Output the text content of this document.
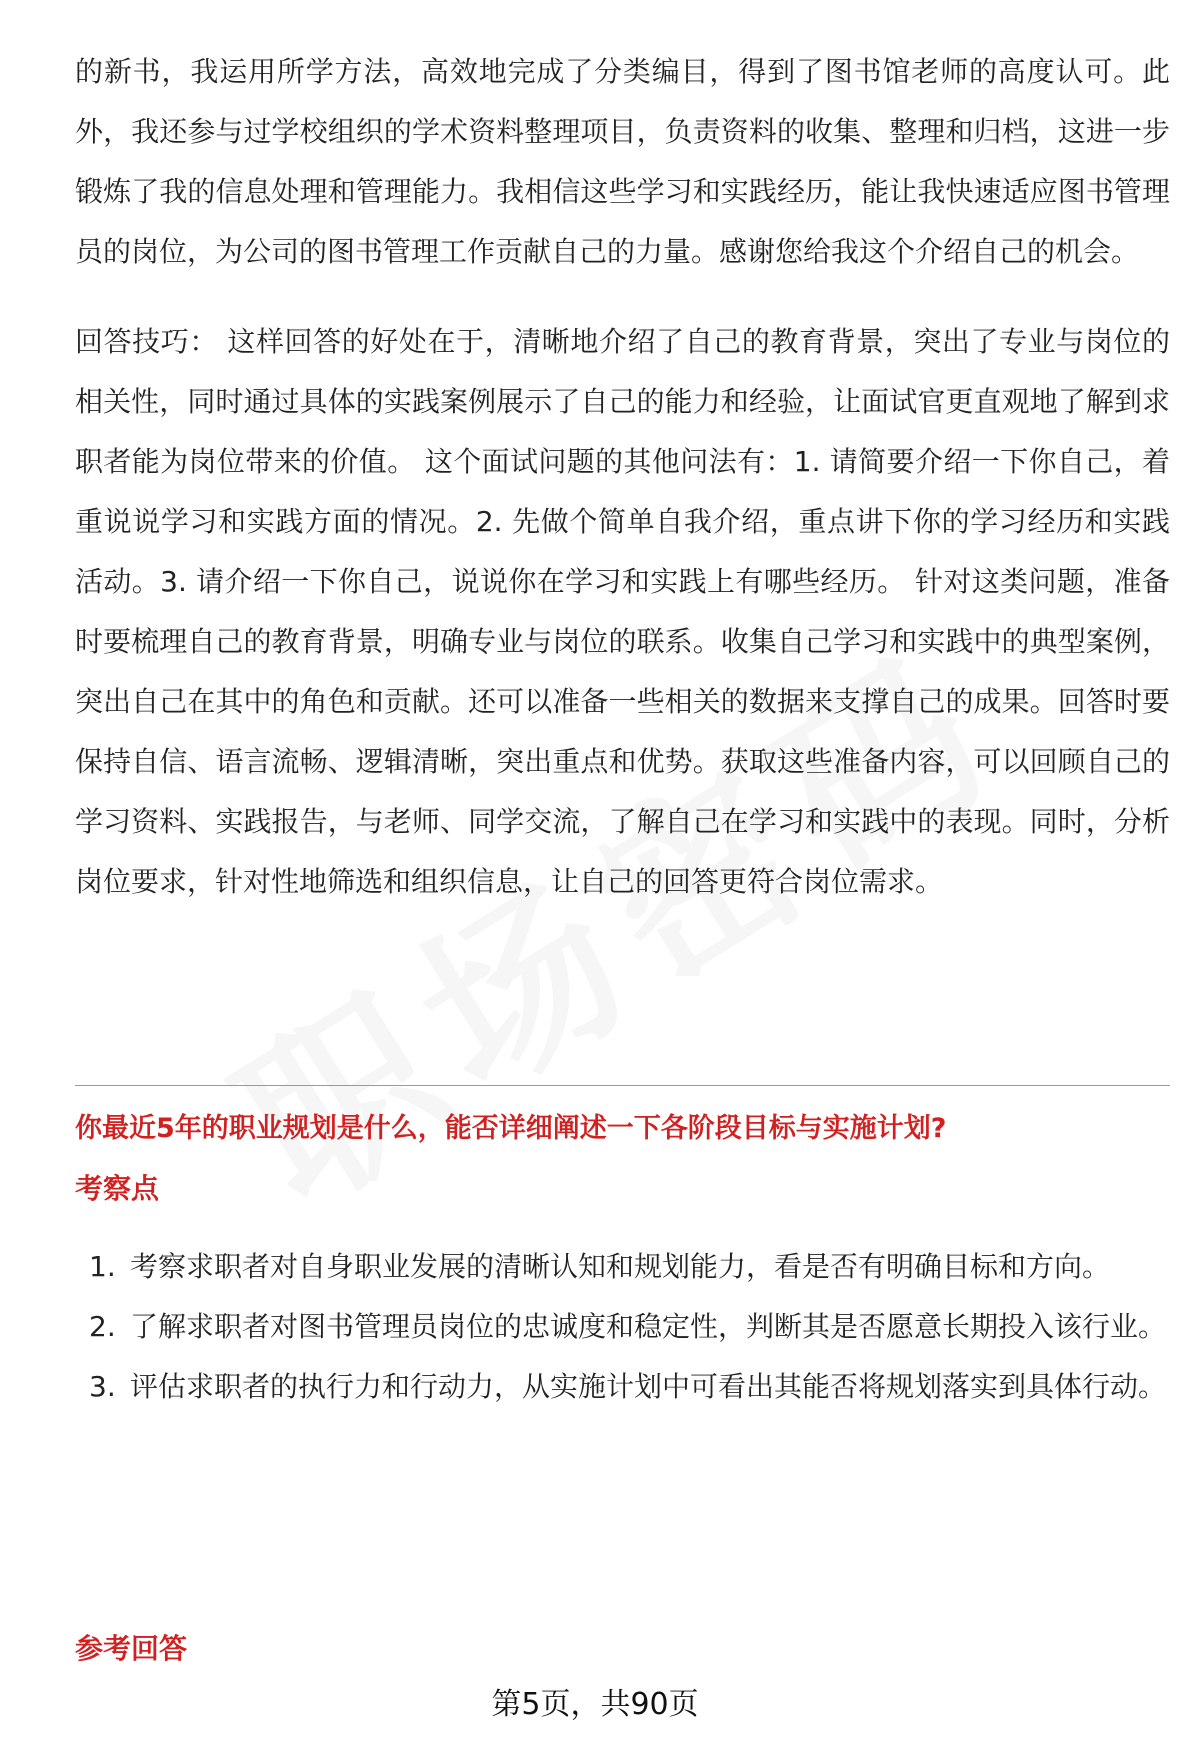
的新书，我运用所学方法，高效地完成了分类编目，得到了图书馆老师的高度认可。此外，我还参与过学校组织的学术资料整理项目，负责资料的收集、整理和归档，这进一步锻炼了我的信息处理和管理能力。我相信这些学习和实践经历，能让我快速适应图书管理员的岗位，为公司的图书管理工作贡献自己的力量。感谢您给我这个介绍自己的机会。

回答技巧： 这样回答的好处在于，清晰地介绍了自己的教育背景，突出了专业与岗位的相关性，同时通过具体的实践案例展示了自己的能力和经验，让面试官更直观地了解到求职者能为岗位带来的价值。 这个面试问题的其他问法有：1. 请简要介绍一下你自己，着重说说学习和实践方面的情况。2. 先做个简单自我介绍，重点讲下你的学习经历和实践活动。3. 请介绍一下你自己，说说你在学习和实践上有哪些经历。 针对这类问题，准备时要梳理自己的教育背景，明确专业与岗位的联系。收集自己学习和实践中的典型案例，突出自己在其中的角色和贡献。还可以准备一些相关的数据来支撑自己的成果。回答时要保持自信、语言流畅、逻辑清晰，突出重点和优势。获取这些准备内容，可以回顾自己的学习资料、实践报告，与老师、同学交流，了解自己在学习和实践中的表现。同时，分析岗位要求，针对性地筛选和组织信息，让自己的回答更符合岗位需求。

你最近5年的职业规划是什么，能否详细阐述一下各阶段目标与实施计划?
考察点
1. 考察求职者对自身职业发展的清晰认知和规划能力，看是否有明确目标和方向。
2. 了解求职者对图书管理员岗位的忠诚度和稳定性，判断其是否愿意长期投入该行业。
3. 评估求职者的执行力和行动力，从实施计划中可看出其能否将规划落实到具体行动。
参考回答
第5页，共90页
